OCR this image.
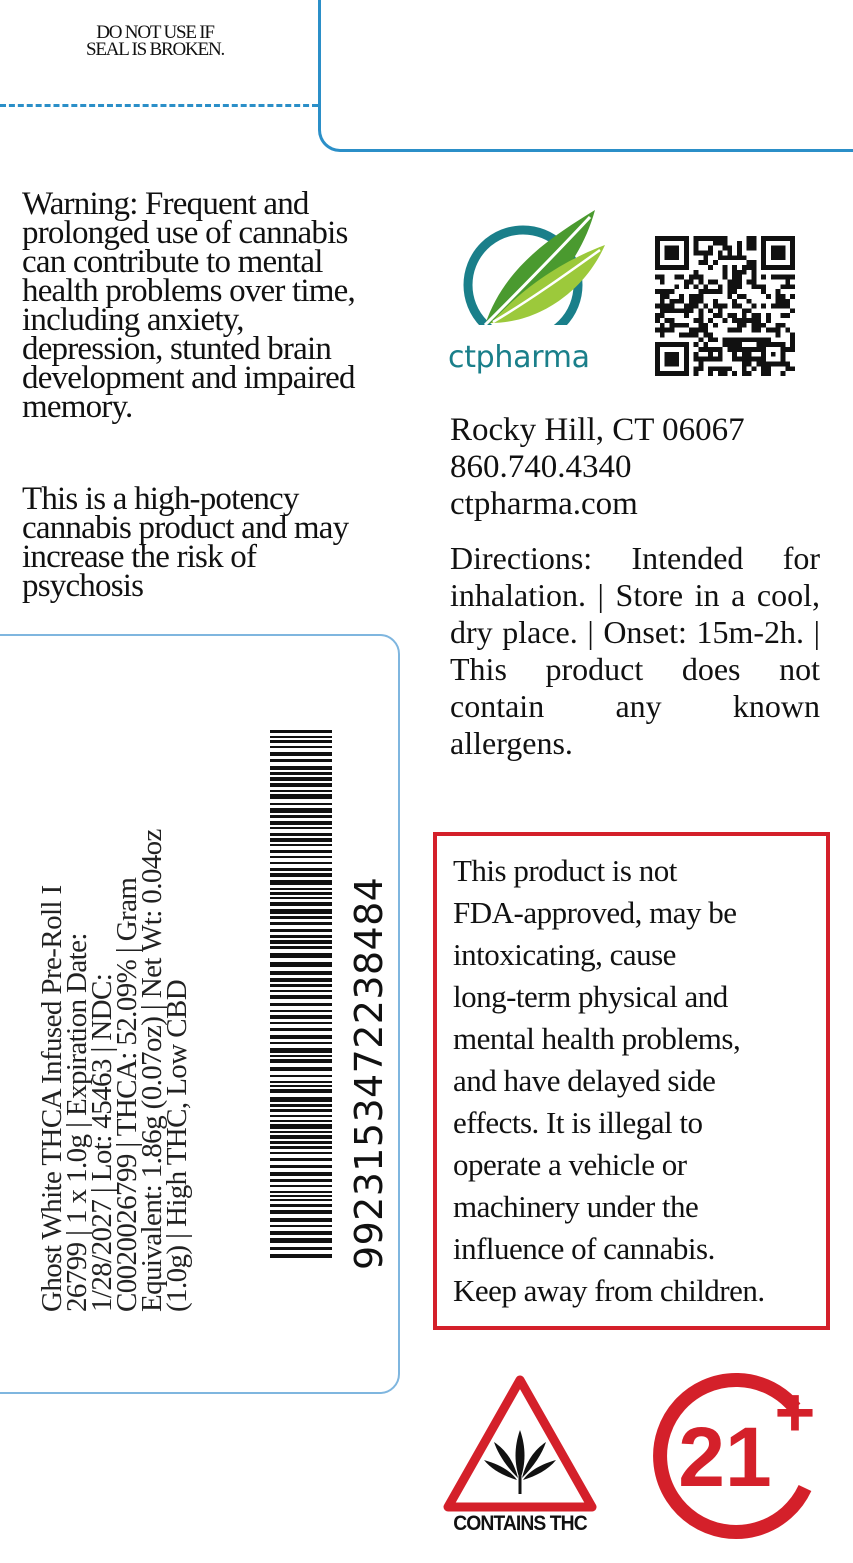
DO NOT USE IF
SEAL IS BROKEN.
Warning: Frequent and
prolonged use of cannabis
can contribute to mental
health problems over time,
including anxiety,
depression, stunted brain
development and impaired
memory.
This is a high-potency
cannabis product and may
increase the risk of
psychosis
Ghost White THCA Infused Pre-Roll I
26799 | 1 x 1.0g | Expiration Date:
1/28/2027 | Lot: 45463 | NDC:
C0020026799 | THCA: 52.09% | Gram
Equivalent: 1.86g (0.07oz) | Net Wt: 0.04oz
(1.0g) | High THC, Low CBD	992315347223848​4
ctpharma
Rocky Hill, CT 06067
860.740.4340
ctpharma.com
Directions: Intended for inhalation. | Store in a cool, dry place. | Onset: 15m-2h. | This product does not contain any known allergens.
This product is not
FDA-approved, may be
intoxicating, cause
long-term physical and
mental health problems,
and have delayed side
effects. It is illegal to
operate a vehicle or
machinery under the
influence of cannabis.
Keep away from children.
CONTAINS THC
21 +
